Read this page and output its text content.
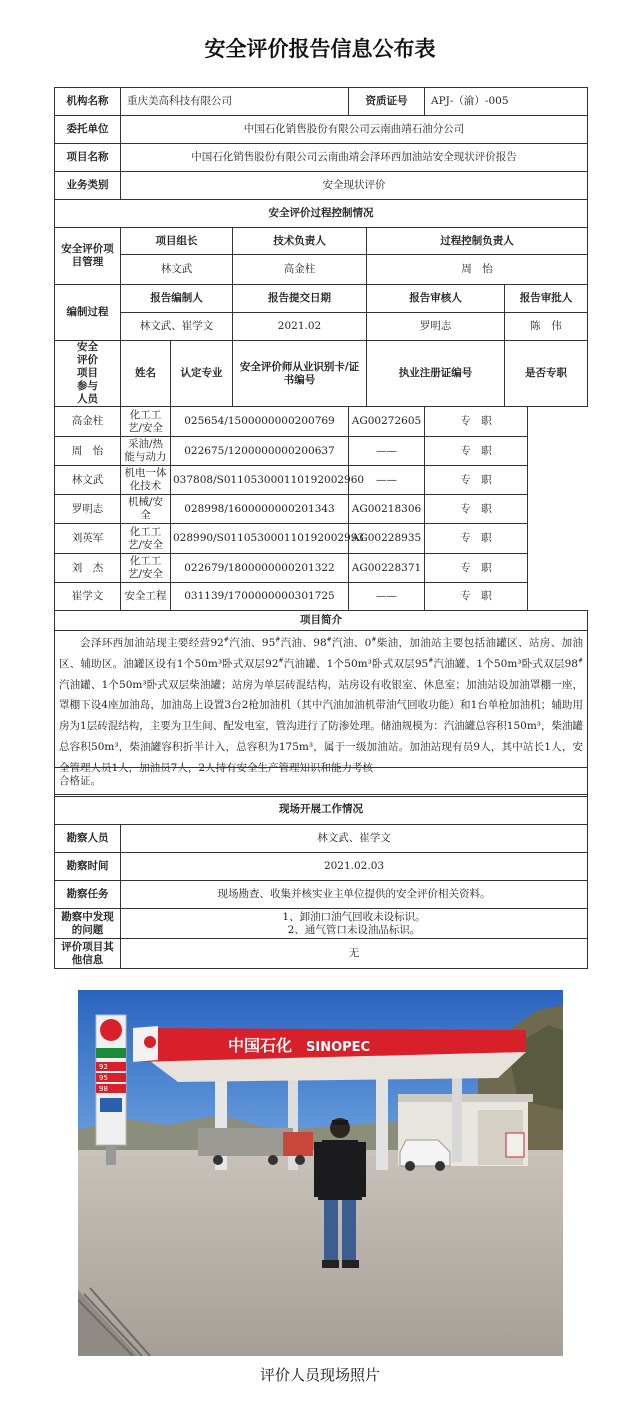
安全评价报告信息公布表
机构名称	重庆美高科技有限公司			资质证号		APJ-（渝）-005	
委托单位	中国石化销售股份有限公司云南曲靖石油分公司						
项目名称	中国石化销售股份有限公司云南曲靖会泽环西加油站安全现状评价报告						
业务类别	安全现状评价						
安全评价过程控制情况							
安全评价项目管理	项目组长		技术负责人		过程控制负责人		
	林文武		高金柱		周　怡		
编制过程	报告编制人		报告提交日期		报告审核人		报告审批人
	林文武、崔学文		2021.02		罗明志		陈　伟
安全评价项目参与人员	姓名	认定专业	安全评价师从业识别卡/证书编号		执业注册证编号		是否专职
高金柱	化工工艺/安全	025654/1500000000200769		AG00272605		专　职	
周　怡	采油/热能与动力	022675/1200000000200637		——		专　职	
林文武	机电一体化技术	037808/S011053000110192002960		——		专　职	
罗明志	机械/安全	028998/1600000000201343		AG00218306		专　职	
刘英军	化工工艺/安全	028990/S011053000110192002993		AG00228935		专　职	
刘　杰	化工工艺/安全	022679/1800000000201322		AG00228371		专　职	
崔学文	安全工程	031139/1700000000301725		——		专　职	
项目简介							
会泽环西加油站现主要经营92#汽油、95#汽油、98#汽油、0#柴油，加油站主要包括油罐区、站房、加油区、辅助区。油罐区设有1个50m³卧式双层92#汽油罐、1个50m³卧式双层95#汽油罐、1个50m³卧式双层98#汽油罐、1个50m³卧式双层柴油罐；站房为单层砖混结构，站房设有收银室、休息室；加油站设加油罩棚一座，罩棚下设4座加油岛，加油岛上设置3台2枪加油机（其中汽油加油机带油气回收功能）和1台单枪加油机；辅助用房为1层砖混结构，主要为卫生间、配发电室，管沟进行了防渗处理。储油规模为：汽油罐总容积150m³，柴油罐总容积50m³，柴油罐容积折半计入，总容积为175m³，属于一级加油站。加油站现有员9人，其中站长1人，安全管理人员1人，加油员7人，2人持有安全生产管理知识和能力考核							
合格证。	
现场开展工作情况	
勘察人员	林文武、崔学文
勘察时间	2021.02.03
勘察任务	现场勘查、收集并核实业主单位提供的安全评价相关资料。
勘察中发现的问题	1、卸油口油气回收未设标识。
2、通气管口未设油品标识。

评价项目其他信息	无
中国石化 SINOPEC
92
95
98
评价人员现场照片
